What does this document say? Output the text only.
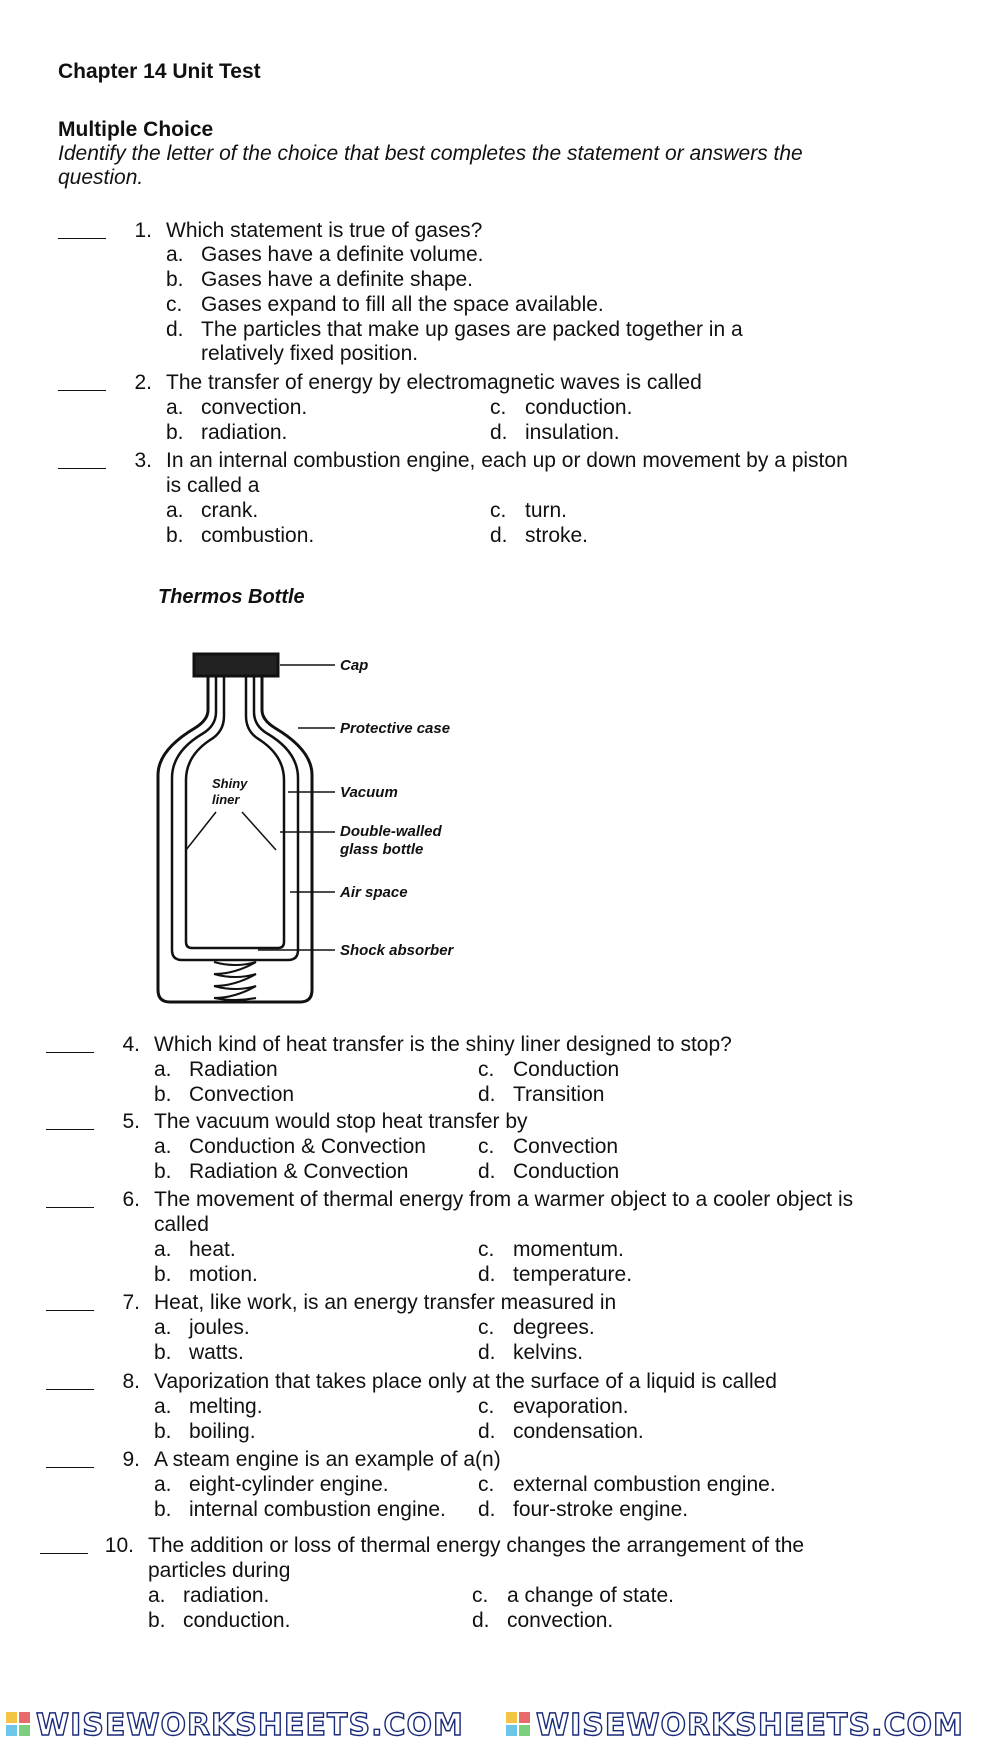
Chapter 14 Unit Test
Multiple Choice
Identify the letter of the choice that best completes the statement or answers the question.
1. Which statement is true of gases?
a. Gases have a definite volume.
b. Gases have a definite shape.
c. Gases expand to fill all the space available.
d. The particles that make up gases are packed together in a
relatively fixed position.
2. The transfer of energy by electromagnetic waves is called
a. convection.	c. conduction.
b. radiation.	d. insulation.
3. In an internal combustion engine, each up or down movement by a piston
is called a
a. crank.	c. turn.
b. combustion.	d. stroke.
Thermos Bottle
Cap
Protective case
Vacuum
Double-walled
glass bottle
Air space
Shock absorber
Shiny
liner
4. Which kind of heat transfer is the shiny liner designed to stop?
a. Radiation	c. Conduction
b. Convection	d. Transition
5. The vacuum would stop heat transfer by
a. Conduction & Convection c. Convection
b. Radiation & Convection	d. Conduction
6. The movement of thermal energy from a warmer object to a cooler object is
called
a. heat.	c. momentum.
b. motion.	d. temperature.
7. Heat, like work, is an energy transfer measured in
a. joules.	c. degrees.
b. watts.	d. kelvins.
8. Vaporization that takes place only at the surface of a liquid is called
a. melting.	c. evaporation.
b. boiling.	d. condensation.
9. A steam engine is an example of a(n)
a. eight-cylinder engine.	c. external combustion engine.
b. internal combustion engine. d. four-stroke engine.
10. The addition or loss of thermal energy changes the arrangement of the
particles during
a. radiation.	c. a change of state.
b. conduction.	d. convection.
WISEWORKSHEETS.COM WISEWORKSHEETS.COM
